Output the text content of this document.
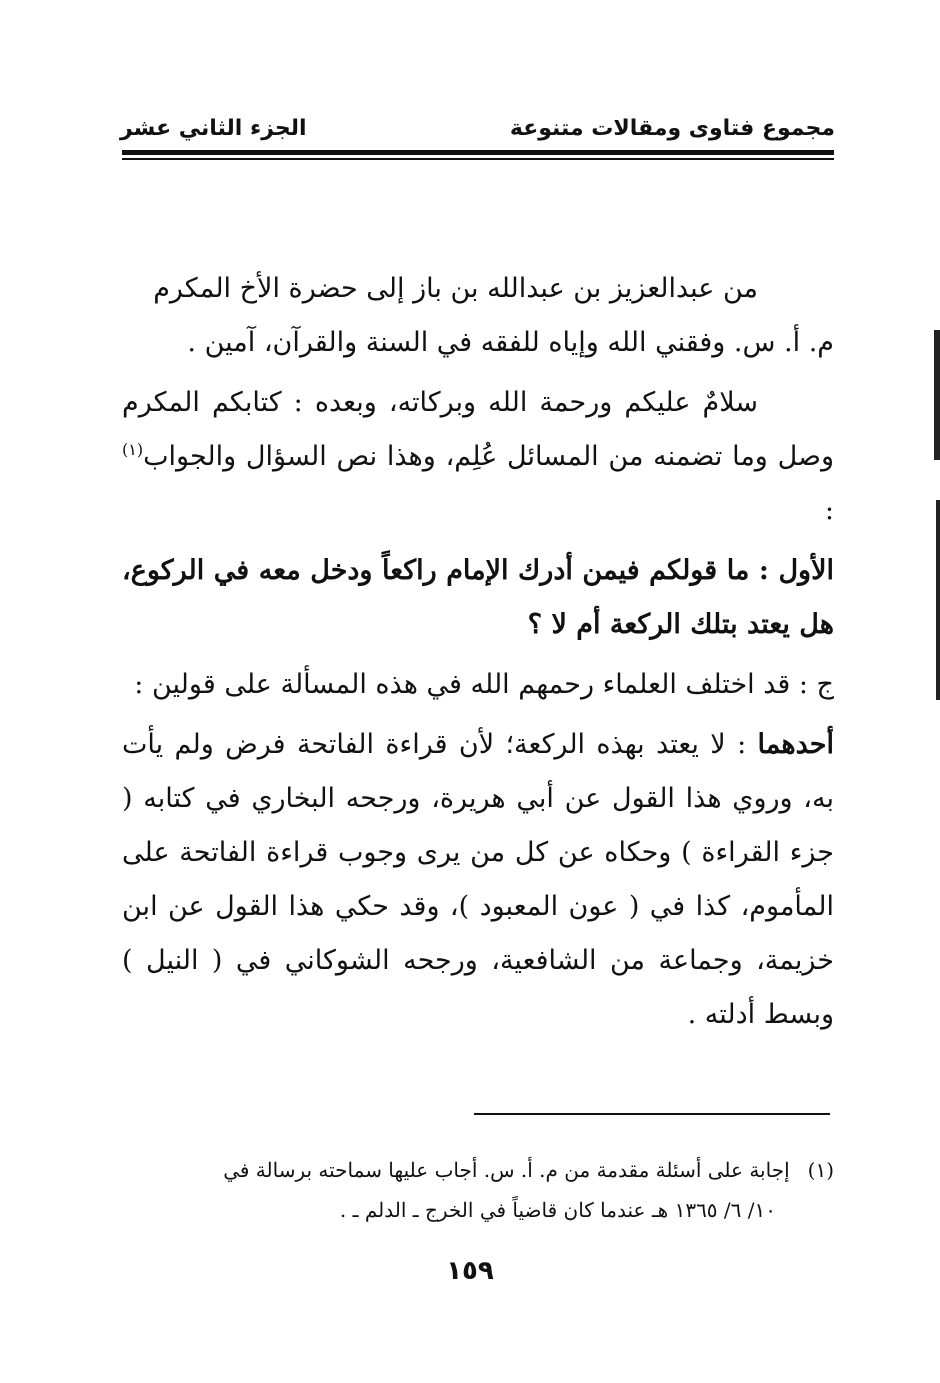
الجزء الثاني عشر	مجموع فتاوى ومقالات متنوعة

من عبدالعزيز بن عبدالله بن باز إلى حضرة الأخ المكرم
م. أ. س. وفقني الله وإياه للفقه في السنة والقرآن، آمين .

سلامٌ عليكم ورحمة الله وبركاته، وبعده : كتابكم المكرم وصل وما تضمنه من المسائل عُلِم، وهذا نص السؤال والجواب$^{(١)}$ :

الأول : ما قولكم فيمن أدرك الإمام راكعاً ودخل معه في الركوع، هل يعتد بتلك الركعة أم لا ؟

ج : قد اختلف العلماء رحمهم الله في هذه المسألة على قولين :

أحدهما : لا يعتد بهذه الركعة؛ لأن قراءة الفاتحة فرض ولم يأت به، وروي هذا القول عن أبي هريرة، ورجحه البخاري في كتابه ( جزء القراءة ) وحكاه عن كل من يرى وجوب قراءة الفاتحة على المأموم، كذا في ( عون المعبود )، وقد حكي هذا القول عن ابن خزيمة، وجماعة من الشافعية، ورجحه الشوكاني في ( النيل ) وبسط أدلته .

(١)إجابة على أسئلة مقدمة من م. أ. س. أجاب عليها سماحته برسالة في
١٠/ ٦/ ١٣٦٥ هـ عندما كان قاضياً في الخرج ـ الدلم ـ .
١٥٩
